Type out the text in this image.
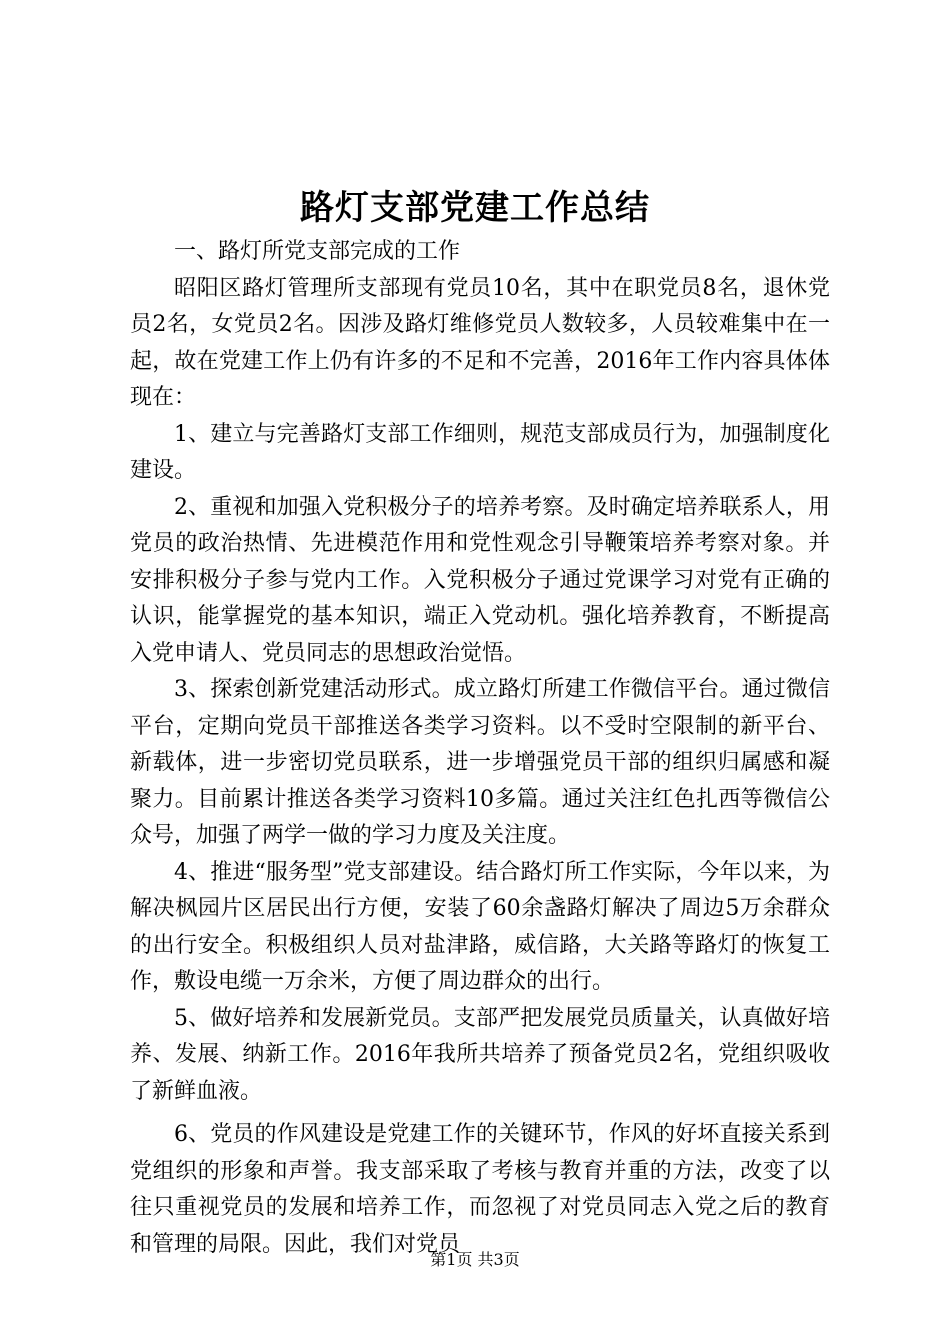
路灯支部党建工作总结

一、路灯所党支部完成的工作

昭阳区路灯管理所支部现有党员10名，其中在职党员8名，退休党员2名，女党员2名。因涉及路灯维修党员人数较多，人员较难集中在一起，故在党建工作上仍有许多的不足和不完善，2016年工作内容具体体现在：

1、建立与完善路灯支部工作细则，规范支部成员行为，加强制度化建设。

2、重视和加强入党积极分子的培养考察。及时确定培养联系人，用党员的政治热情、先进模范作用和党性观念引导鞭策培养考察对象。并安排积极分子参与党内工作。入党积极分子通过党课学习对党有正确的认识，能掌握党的基本知识，端正入党动机。强化培养教育，不断提高入党申请人、党员同志的思想政治觉悟。

3、探索创新党建活动形式。成立路灯所建工作微信平台。通过微信平台，定期向党员干部推送各类学习资料。以不受时空限制的新平台、新载体，进一步密切党员联系，进一步增强党员干部的组织归属感和凝聚力。目前累计推送各类学习资料10多篇。通过关注红色扎西等微信公众号，加强了两学一做的学习力度及关注度。

4、推进“服务型”党支部建设。结合路灯所工作实际，今年以来，为解决枫园片区居民出行方便，安装了60余盏路灯解决了周边5万余群众的出行安全。积极组织人员对盐津路，威信路，大关路等路灯的恢复工作，敷设电缆一万余米，方便了周边群众的出行。

5、做好培养和发展新党员。支部严把发展党员质量关，认真做好培养、发展、纳新工作。2016年我所共培养了预备党员2名，党组织吸收了新鲜血液。

6、党员的作风建设是党建工作的关键环节，作风的好坏直接关系到党组织的形象和声誉。我支部采取了考核与教育并重的方法，改变了以往只重视党员的发展和培养工作，而忽视了对党员同志入党之后的教育和管理的局限。因此，我们对党员

第1页 共3页
